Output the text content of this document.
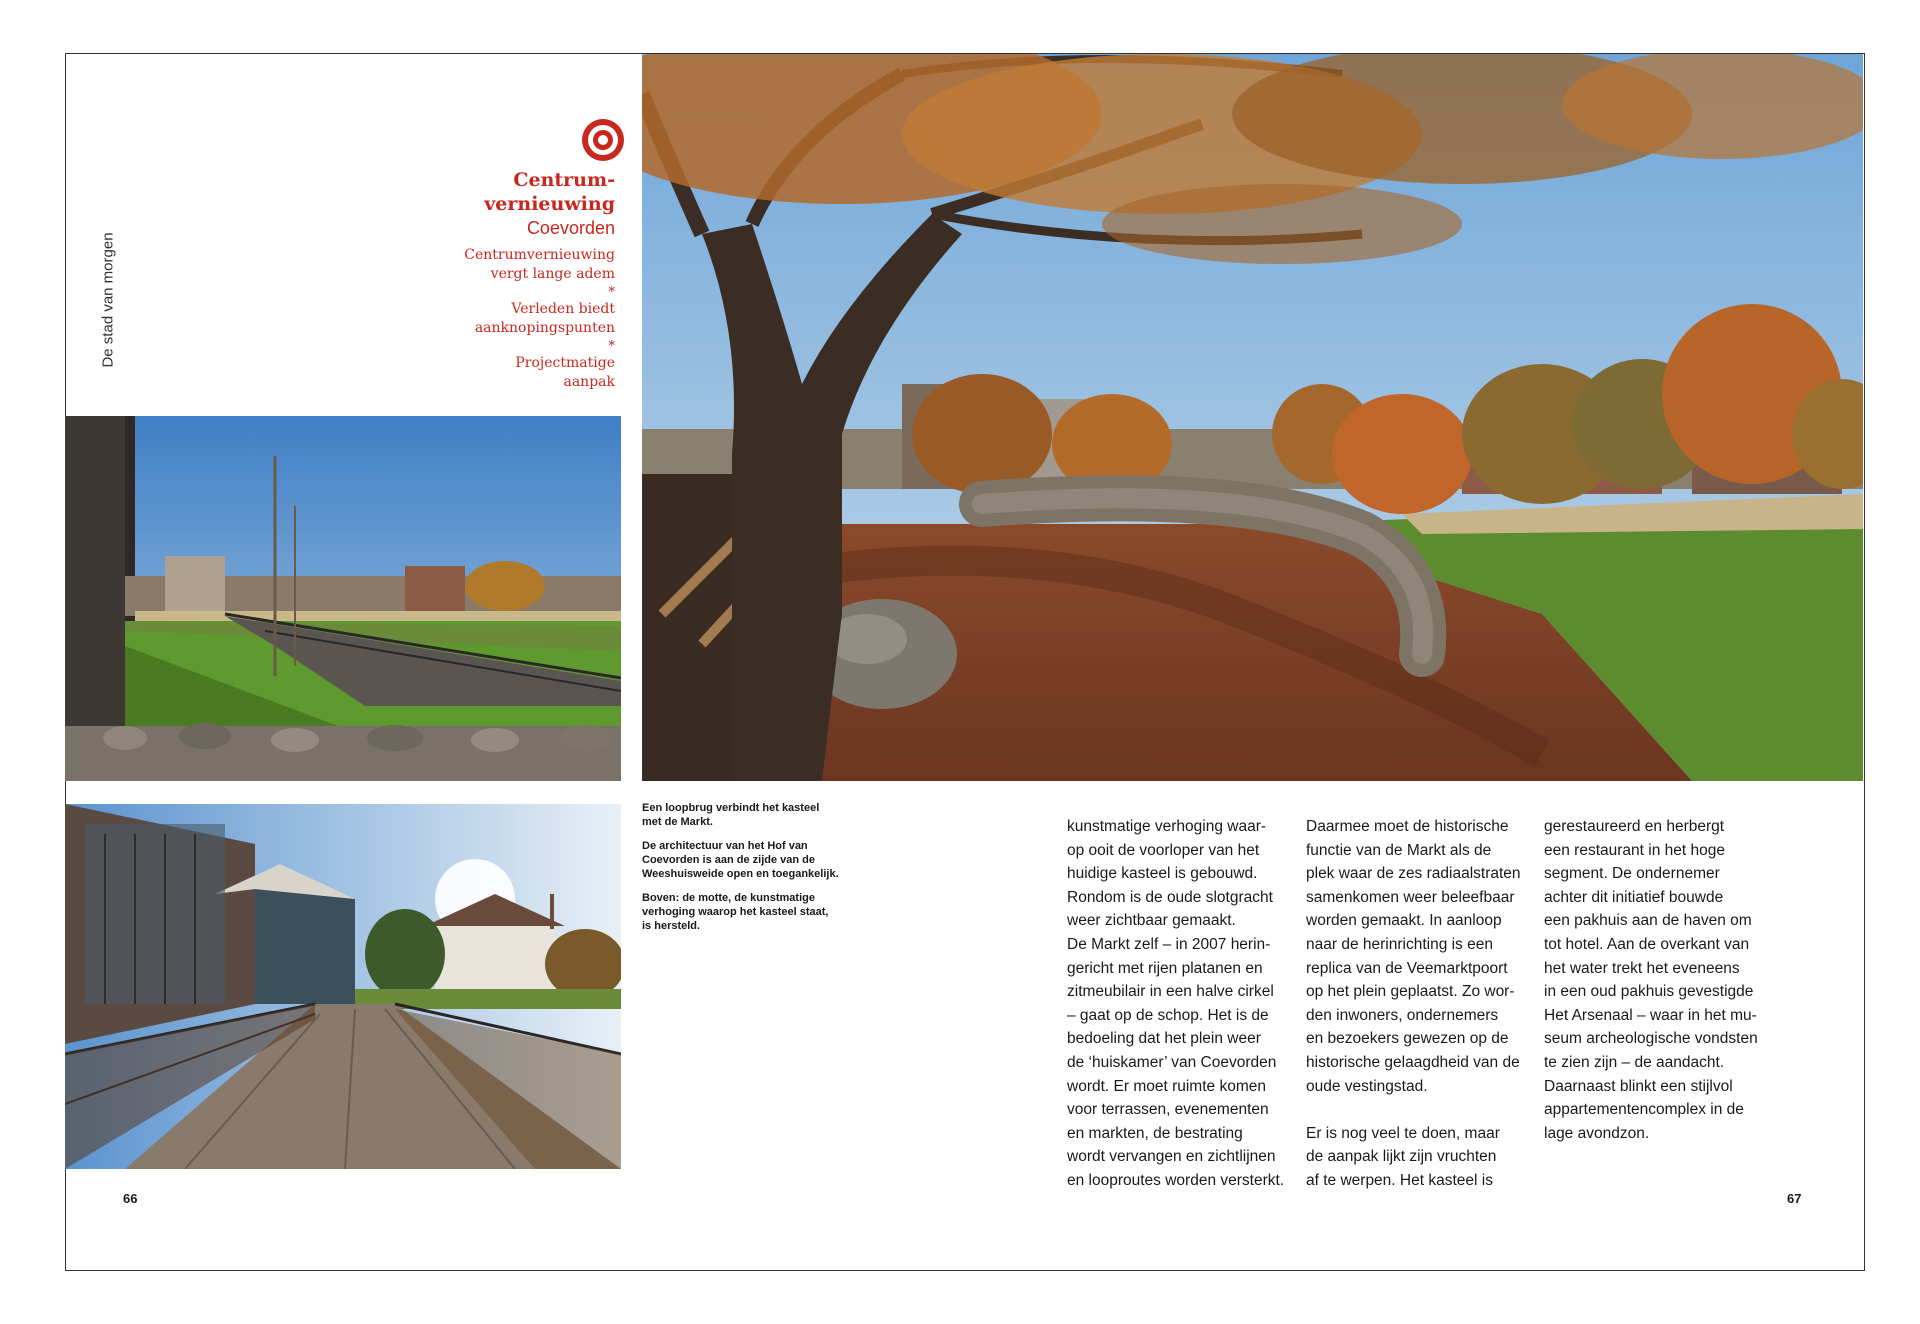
De stad van morgen

Centrum-
vernieuwing

Coevorden

Centrumvernieuwing
vergt lange adem
*
Verleden biedt
aanknopingspunten
*
Projectmatige
aanpak

Een loopbrug verbindt het kasteel
met de Markt.

De architectuur van het Hof van
Coevorden is aan de zijde van de
Weeshuisweide open en toegankelijk.

Boven: de motte, de kunstmatige
verhoging waarop het kasteel staat,
is hersteld.

kunstmatige verhoging waar-
op ooit de voorloper van het
huidige kasteel is gebouwd.
Rondom is de oude slotgracht
weer zichtbaar gemaakt.
De Markt zelf – in 2007 herin-
gericht met rijen platanen en
zitmeubilair in een halve cirkel
– gaat op de schop. Het is de
bedoeling dat het plein weer
de ‘huiskamer’ van Coevorden
wordt. Er moet ruimte komen
voor terrassen, evenementen
en markten, de bestrating
wordt vervangen en zichtlijnen
en looproutes worden versterkt.
Daarmee moet de historische
functie van de Markt als de
plek waar de zes radiaalstraten
samenkomen weer beleefbaar
worden gemaakt. In aanloop
naar de herinrichting is een
replica van de Veemarktpoort
op het plein geplaatst. Zo wor-
den inwoners, ondernemers
en bezoekers gewezen op de
historische gelaagdheid van de
oude vestingstad.

Er is nog veel te doen, maar
de aanpak lijkt zijn vruchten
af te werpen. Het kasteel is
gerestaureerd en herbergt
een restaurant in het hoge
segment. De ondernemer
achter dit initiatief bouwde
een pakhuis aan de haven om
tot hotel. Aan de overkant van
het water trekt het eveneens
in een oud pakhuis gevestigde
Het Arsenaal – waar in het mu-
seum archeologische vondsten
te zien zijn – de aandacht.
Daarnaast blinkt een stijlvol
appartementencomplex in de
lage avondzon.
66	67
